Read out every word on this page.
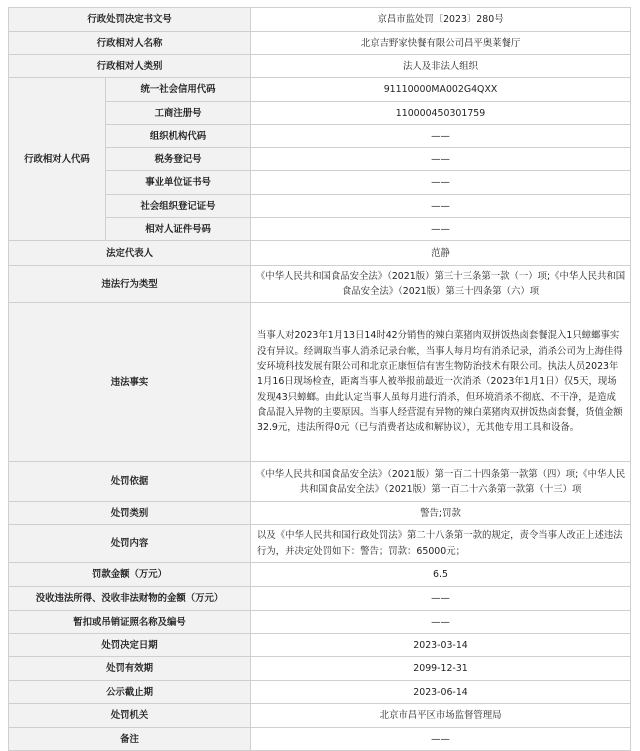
行政处罚决定书文号		京昌市监处罚〔2023〕280号
行政相对人名称		北京吉野家快餐有限公司昌平奥莱餐厅
行政相对人类别		法人及非法人组织
行政相对人代码	统一社会信用代码	91110000MA002G4QXX
	工商注册号	110000450301759
	组织机构代码	——
	税务登记号	——
	事业单位证书号	——
	社会组织登记证号	——
	相对人证件号码	——
法定代表人		范静
违法行为类型		《中华人民共和国食品安全法》（2021版）第三十三条第一款（一）项;《中华人民共和国食品安全法》（2021版）第三十四条第（六）项
违法事实		当事人对2023年1月13日14时42分销售的辣白菜猪肉双拼饭热卤套餐混入1只蟑螂事实没有异议。经调取当事人消杀记录台帐，当事人每月均有消杀记录，消杀公司为上海佳得安环境科技发展有限公司和北京正康恒信有害生物防治技术有限公司。执法人员2023年1月16日现场检查，距离当事人被举报前最近一次消杀（2023年1月1日）仅5天，现场发现43只蟑螂。由此认定当事人虽每月进行消杀，但环境消杀不彻底、不干净，是造成食品混入异物的主要原因。当事人经营混有异物的辣白菜猪肉双拼饭热卤套餐，货值金额32.9元，违法所得0元（已与消费者达成和解协议），无其他专用工具和设备。
处罚依据		《中华人民共和国食品安全法》（2021版）第一百二十四条第一款第（四）项;《中华人民共和国食品安全法》（2021版）第一百二十六条第一款第（十三）项
处罚类别		警告;罚款
处罚内容		以及《中华人民共和国行政处罚法》第二十八条第一款的规定，责令当事人改正上述违法行为，并决定处罚如下：警告；罚款：65000元；
罚款金额（万元）		6.5
没收违法所得、没收非法财物的金额（万元）		——
暂扣或吊销证照名称及编号		——
处罚决定日期		2023-03-14
处罚有效期		2099-12-31
公示截止期		2023-06-14
处罚机关		北京市昌平区市场监督管理局
备注		——
